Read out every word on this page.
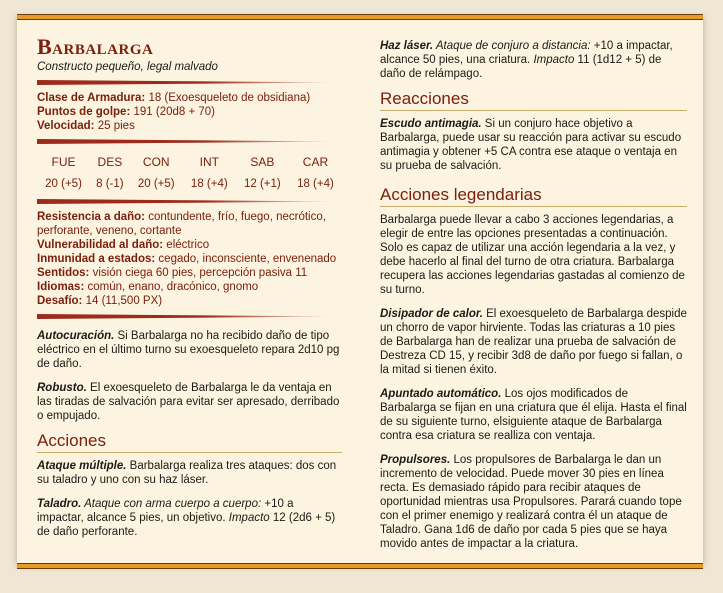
Barbalarga
Constructo pequeño, legal malvado
Clase de Armadura: 18 (Exoesqueleto de obsidiana)
Puntos de golpe: 191 (20d8 + 70)
Velocidad: 25 pies
FUE	DES	CON	INT	SAB	CAR
20 (+5)	8 (-1)	20 (+5)	18 (+4)	12 (+1)	18 (+4)
Resistencia a daño: contundente, frío, fuego, necrótico, perforante, veneno, cortante
Vulnerabilidad al daño: eléctrico
Inmunidad a estados: cegado, inconsciente, envenenado
Sentidos: visión ciega 60 pies, percepción pasiva 11
Idiomas: común, enano, dracónico, gnomo
Desafío: 14 (11,500 PX)
Autocuración. Si Barbalarga no ha recibido daño de tipo eléctrico en el último turno su exoesqueleto repara 2d10 pg de daño.
Robusto. El exoesqueleto de Barbalarga le da ventaja en las tiradas de salvación para evitar ser apresado, derribado o empujado.
Acciones
Ataque múltiple. Barbalarga realiza tres ataques: dos con su taladro y uno con su haz láser.
Taladro. Ataque con arma cuerpo a cuerpo: +10 a impactar, alcance 5 pies, un objetivo. Impacto 12 (2d6 + 5) de daño perforante.
Haz láser. Ataque de conjuro a distancia: +10 a impactar, alcance 50 pies, una criatura. Impacto 11 (1d12 + 5) de daño de relámpago.
Reacciones
Escudo antimagia. Si un conjuro hace objetivo a Barbalarga, puede usar su reacción para activar su escudo antimagia y obtener +5 CA contra ese ataque o ventaja en su prueba de salvación.
Acciones legendarias
Barbalarga puede llevar a cabo 3 acciones legendarias, a elegir de entre las opciones presentadas a continuación. Solo es capaz de utilizar una acción legendaria a la vez, y debe hacerlo al final del turno de otra criatura. Barbalarga recupera las acciones legendarias gastadas al comienzo de su turno.
Disipador de calor. El exoesqueleto de Barbalarga despide un chorro de vapor hirviente. Todas las criaturas a 10 pies de Barbalarga han de realizar una prueba de salvación de Destreza CD 15, y recibir 3d8 de daño por fuego si fallan, o la mitad si tienen éxito.
Apuntado automático. Los ojos modificados de Barbalarga se fijan en una criatura que él elija. Hasta el final de su siguiente turno, elsiguiente ataque de Barbalarga contra esa criatura se realliza con ventaja.
Propulsores. Los propulsores de Barbalarga le dan un incremento de velocidad. Puede mover 30 pies en línea recta. Es demasiado rápido para recibir ataques de oportunidad mientras usa Propulsores. Parará cuando tope con el primer enemigo y realizará contra él un ataque de Taladro. Gana 1d6 de daño por cada 5 pies que se haya movido antes de impactar a la criatura.
